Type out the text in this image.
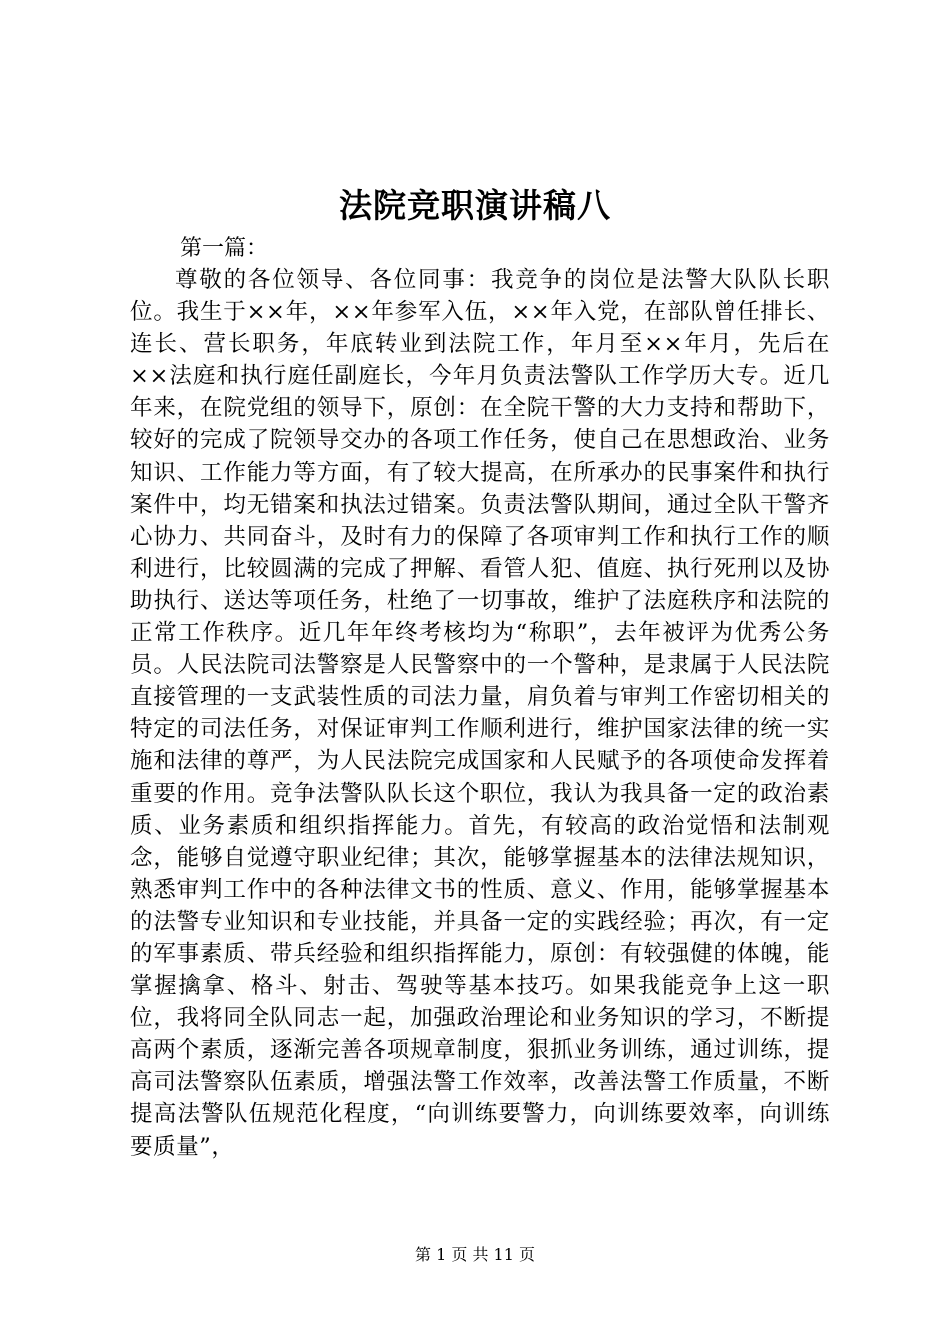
法院竞职演讲稿八
第一篇：
尊敬的各位领导、各位同事：我竞争的岗位是法警大队队长职位。我生于××年，××年参军入伍，××年入党，在部队曾任排长、连长、营长职务，年底转业到法院工作，年月至××年月，先后在××法庭和执行庭任副庭长，今年月负责法警队工作学历大专。近几年来，在院党组的领导下，原创：在全院干警的大力支持和帮助下，较好的完成了院领导交办的各项工作任务，使自己在思想政治、业务知识、工作能力等方面，有了较大提高，在所承办的民事案件和执行案件中，均无错案和执法过错案。负责法警队期间，通过全队干警齐心协力、共同奋斗，及时有力的保障了各项审判工作和执行工作的顺利进行，比较圆满的完成了押解、看管人犯、值庭、执行死刑以及协助执行、送达等项任务，杜绝了一切事故，维护了法庭秩序和法院的正常工作秩序。近几年年终考核均为“称职”，去年被评为优秀公务员。人民法院司法警察是人民警察中的一个警种，是隶属于人民法院直接管理的一支武装性质的司法力量，肩负着与审判工作密切相关的特定的司法任务，对保证审判工作顺利进行，维护国家法律的统一实施和法律的尊严，为人民法院完成国家和人民赋予的各项使命发挥着重要的作用。竞争法警队队长这个职位，我认为我具备一定的政治素质、业务素质和组织指挥能力。首先，有较高的政治觉悟和法制观念，能够自觉遵守职业纪律；其次，能够掌握基本的法律法规知识，熟悉审判工作中的各种法律文书的性质、意义、作用，能够掌握基本的法警专业知识和专业技能，并具备一定的实践经验；再次，有一定的军事素质、带兵经验和组织指挥能力，原创：有较强健的体魄，能掌握擒拿、格斗、射击、驾驶等基本技巧。如果我能竞争上这一职位，我将同全队同志一起，加强政治理论和业务知识的学习，不断提高两个素质，逐渐完善各项规章制度，狠抓业务训练，通过训练，提高司法警察队伍素质，增强法警工作效率，改善法警工作质量，不断提高法警队伍规范化程度，“向训练要警力，向训练要效率，向训练要质量”，
第 1 页 共 11 页
